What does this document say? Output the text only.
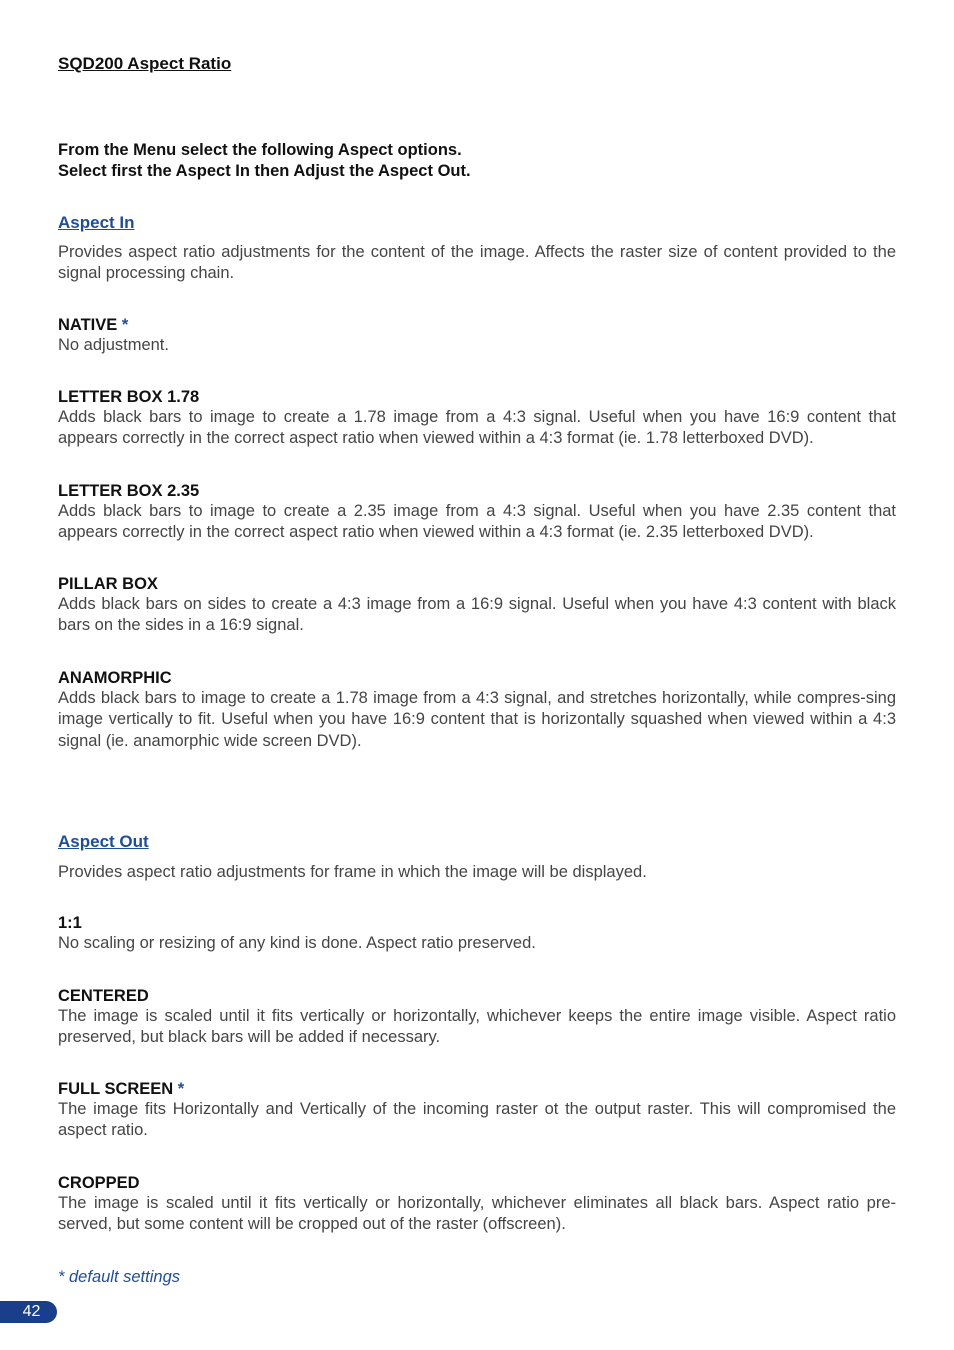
SQD200 Aspect Ratio
From the Menu select the following Aspect options.
Select first the Aspect In then Adjust the Aspect Out.
Aspect In
Provides aspect ratio adjustments for the content of the image. Affects the raster size of content provided to the signal processing chain.
NATIVE *
No adjustment.
LETTER BOX 1.78
Adds black bars to image to create a 1.78 image from a 4:3 signal. Useful when you have 16:9 content that appears correctly in the correct aspect ratio when viewed within a 4:3 format (ie. 1.78 letterboxed DVD).
LETTER BOX 2.35
Adds black bars to image to create a 2.35 image from a 4:3 signal. Useful when you have 2.35 content that appears correctly in the correct aspect ratio when viewed within a 4:3 format (ie. 2.35 letterboxed DVD).
PILLAR BOX
Adds black bars on sides to create a 4:3 image from a 16:9 signal. Useful when you have 4:3 content with black bars on the sides in a 16:9 signal.
ANAMORPHIC
Adds black bars to image to create a 1.78 image from a 4:3 signal, and stretches horizontally, while compres-sing image vertically to fit. Useful when you have 16:9 content that is horizontally squashed when viewed within a 4:3 signal (ie. anamorphic wide screen DVD).
Aspect Out
Provides aspect ratio adjustments for frame in which the image will be displayed.
1:1
No scaling or resizing of any kind is done. Aspect ratio preserved.
CENTERED
The image is scaled until it fits vertically or horizontally, whichever keeps the entire image visible. Aspect ratio preserved, but black bars will be added if necessary.
FULL SCREEN *
The image fits Horizontally and Vertically of the incoming raster ot the output raster. This will compromised the aspect ratio.
CROPPED
The image is scaled until it fits vertically or horizontally, whichever eliminates all black bars. Aspect ratio pre-served, but some content will be cropped out of the raster (offscreen).
* default settings
42
